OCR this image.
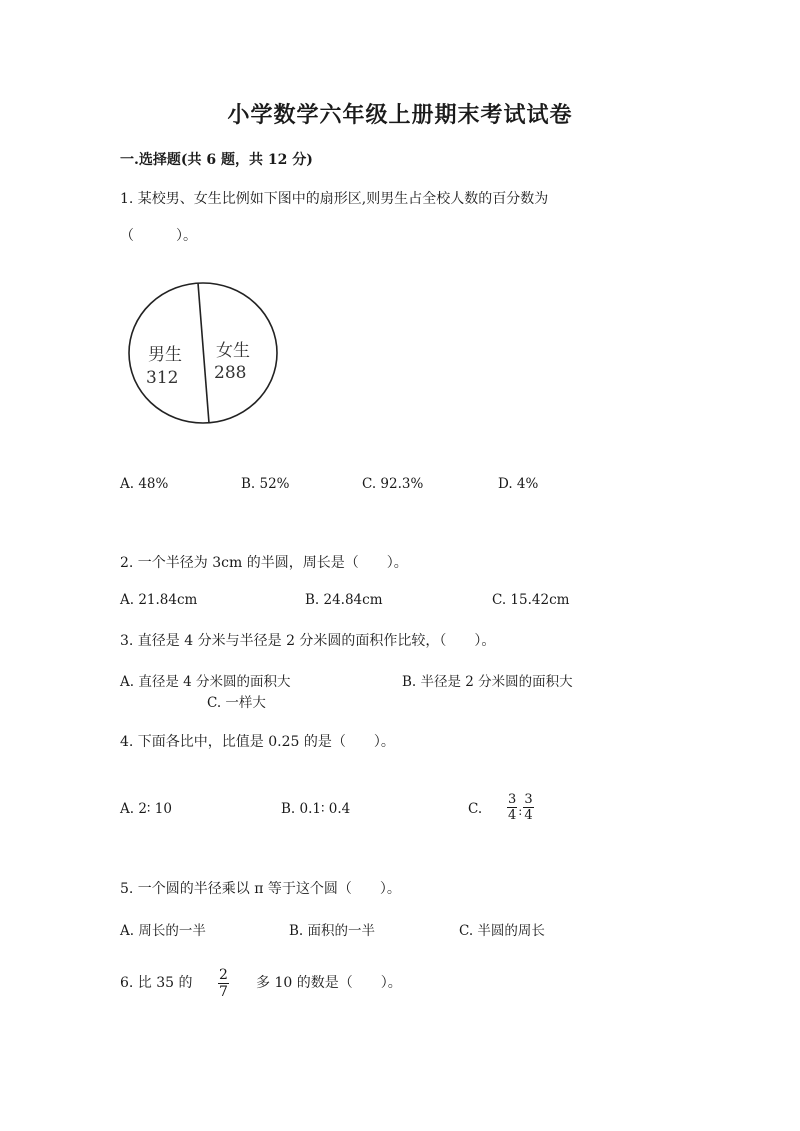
小学数学六年级上册期末考试试卷
一.选择题(共 6 题，共 12 分)
1. 某校男、女生比例如下图中的扇形区,则男生占全校人数的百分数为
（　　　）。
男生
312
女生
288
A. 48%	B. 52%	C. 92.3%	D. 4%
2. 一个半径为 3cm 的半圆，周长是（　　）。
A. 21.84cm	B. 24.84cm	C. 15.42cm
3. 直径是 4 分米与半径是 2 分米圆的面积作比较，（　　）。
A. 直径是 4 分米圆的面积大	B. 半径是 2 分米圆的面积大
C. 一样大
4. 下面各比中，比值是 0.25 的是（　　）。
A. 2∶ 10	B. 0.1∶ 0.4	C. $\frac{3}{4}$ : $\frac{3}{4}$
5. 一个圆的半径乘以 π 等于这个圆（　　）。
A. 周长的一半	B. 面积的一半	C. 半圆的周长
6. 比 35 的 $\frac{2}{7}$ 多 10 的数是（　　）。
